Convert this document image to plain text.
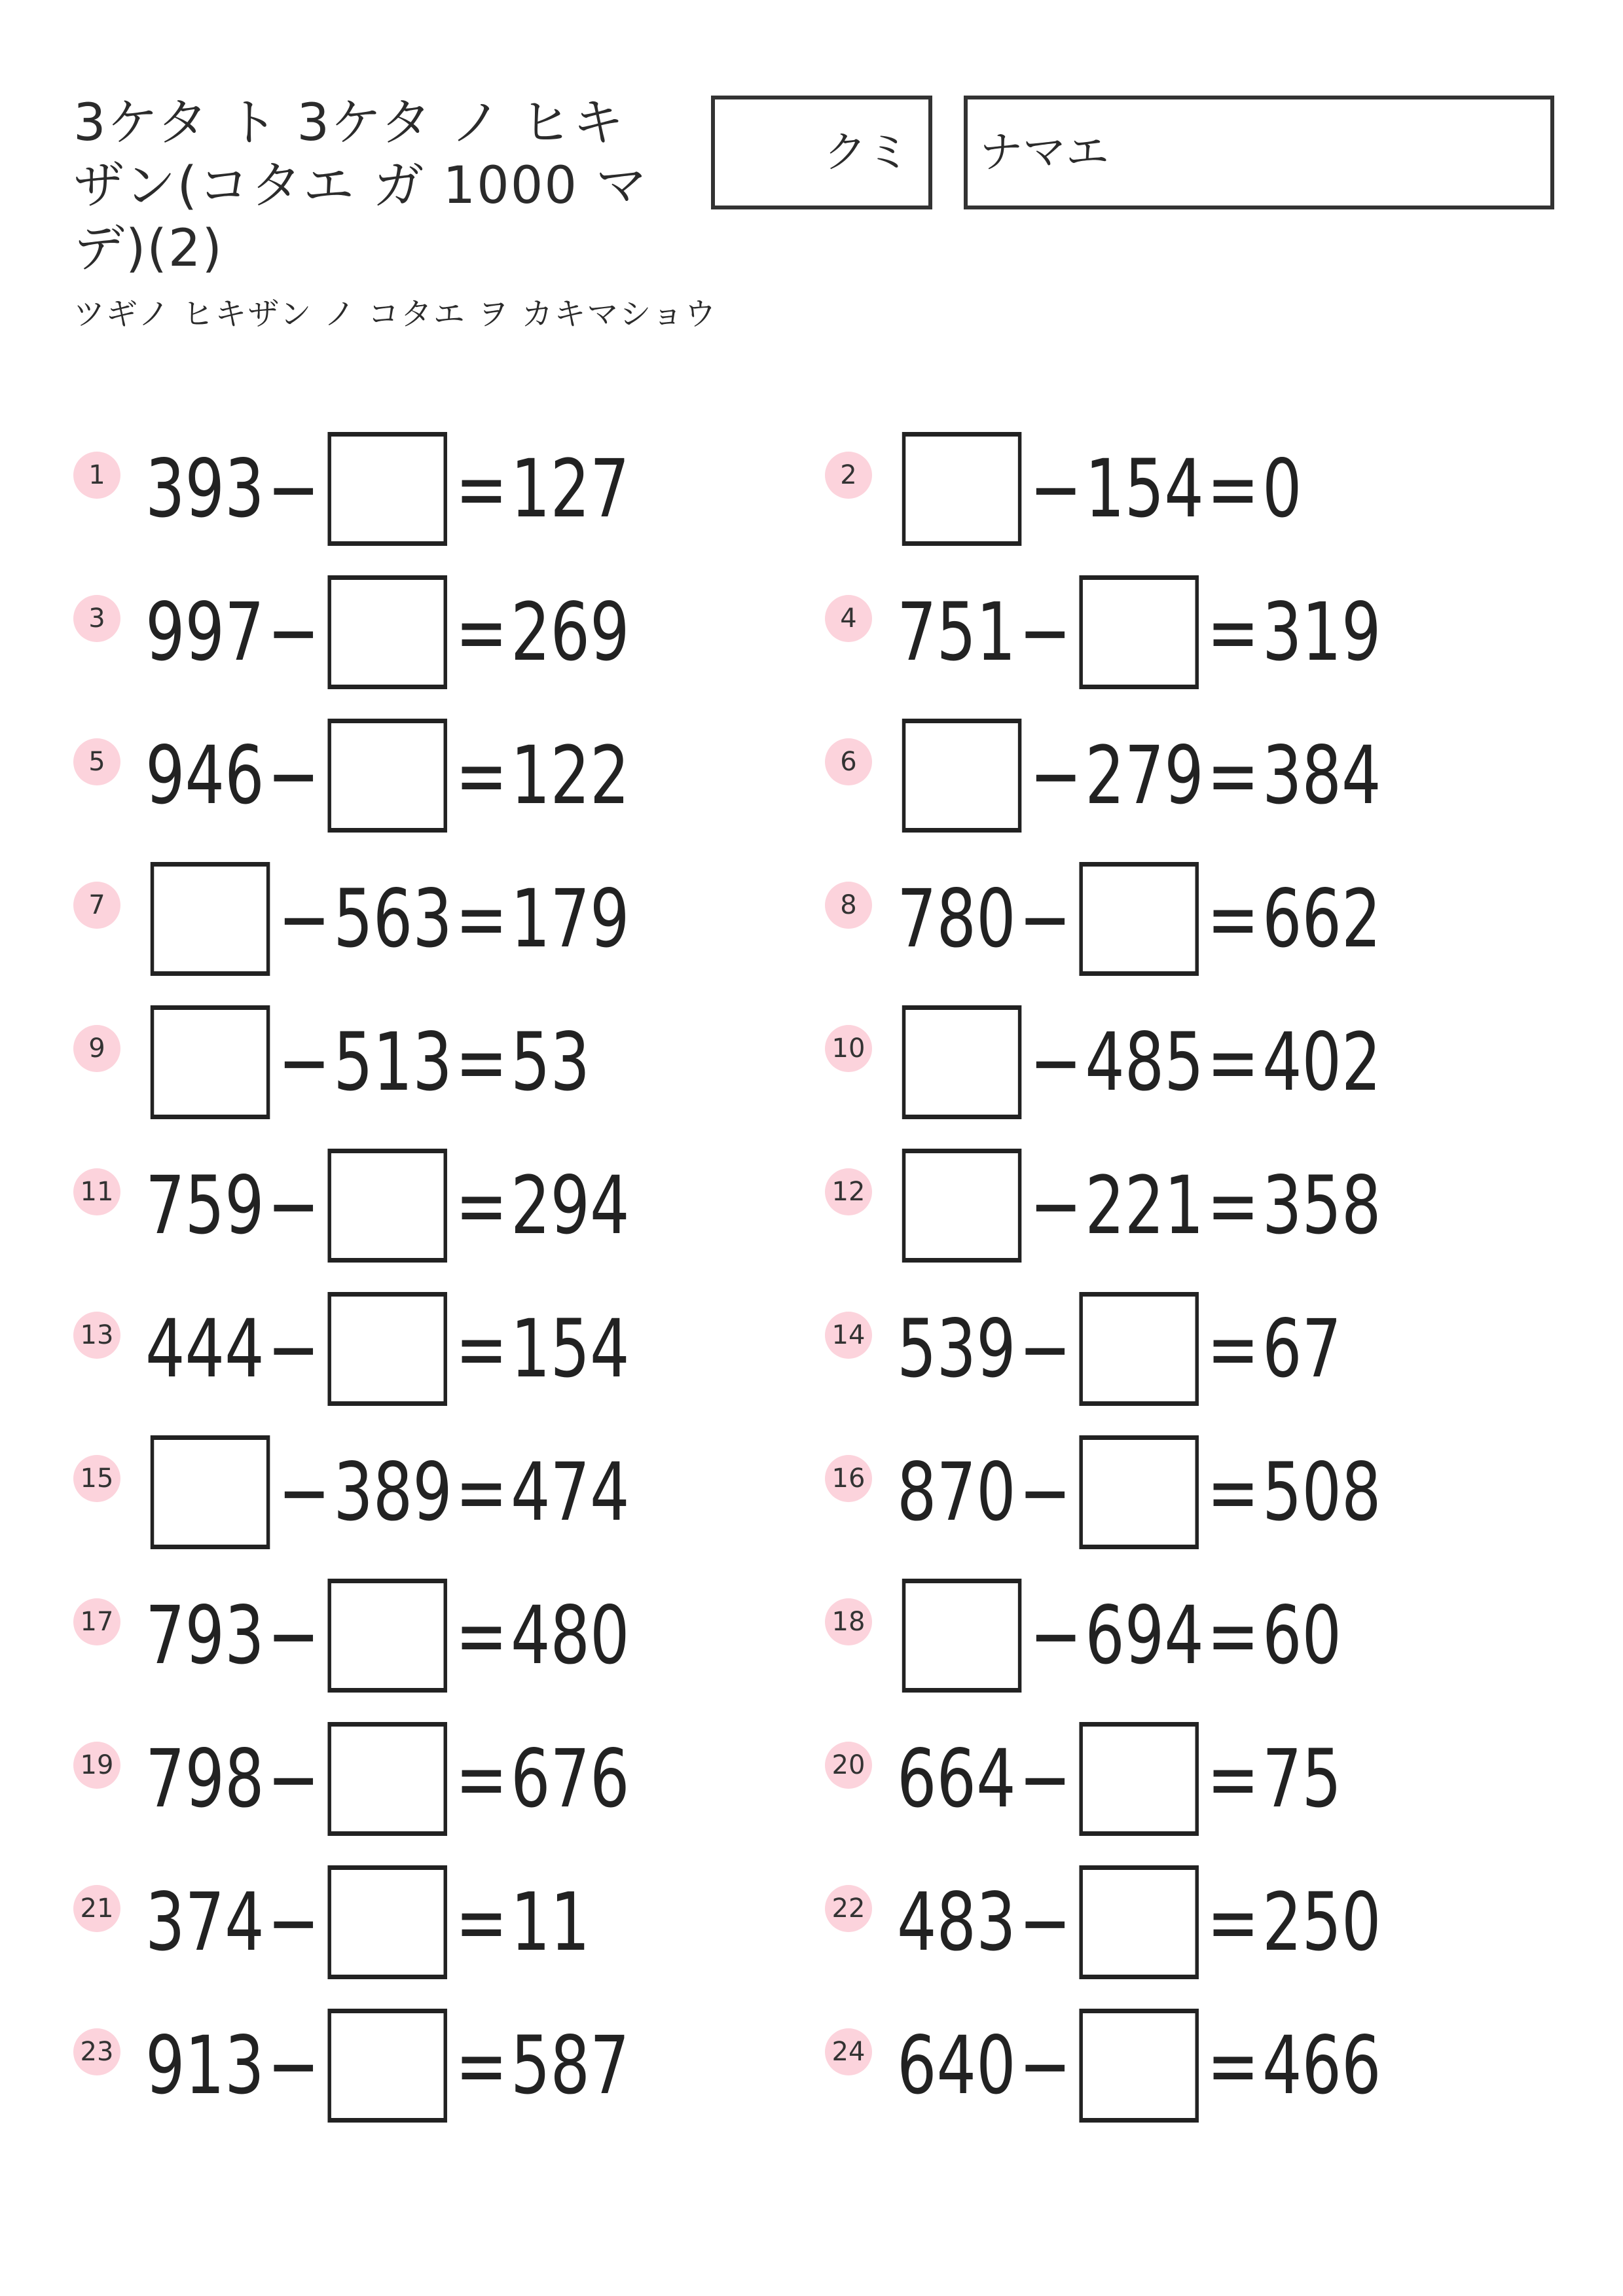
3ケタ ト 3ケタ ノ ヒキザン(コタエ ガ 1000 マデ)(2)

ツギノ ヒキザン ノ コタエ ヲ カキマショウ

クミ ナマエ
1 393 − = 127	2 − 154 = 0
3 997 − = 269	4 751 − = 319
5 946 − = 122	6 − 279 = 384
7 − 563 = 179	8 780 − = 662
9 − 513 = 53	10 − 485 = 402
11 759 − = 294	12 − 221 = 358
13 444 − = 154	14 539 − = 67
15 − 389 = 474	16 870 − = 508
17 793 − = 480	18 − 694 = 60
19 798 − = 676	20 664 − = 75
21 374 − = 11	22 483 − = 250
23 913 − = 587	24 640 − = 466
